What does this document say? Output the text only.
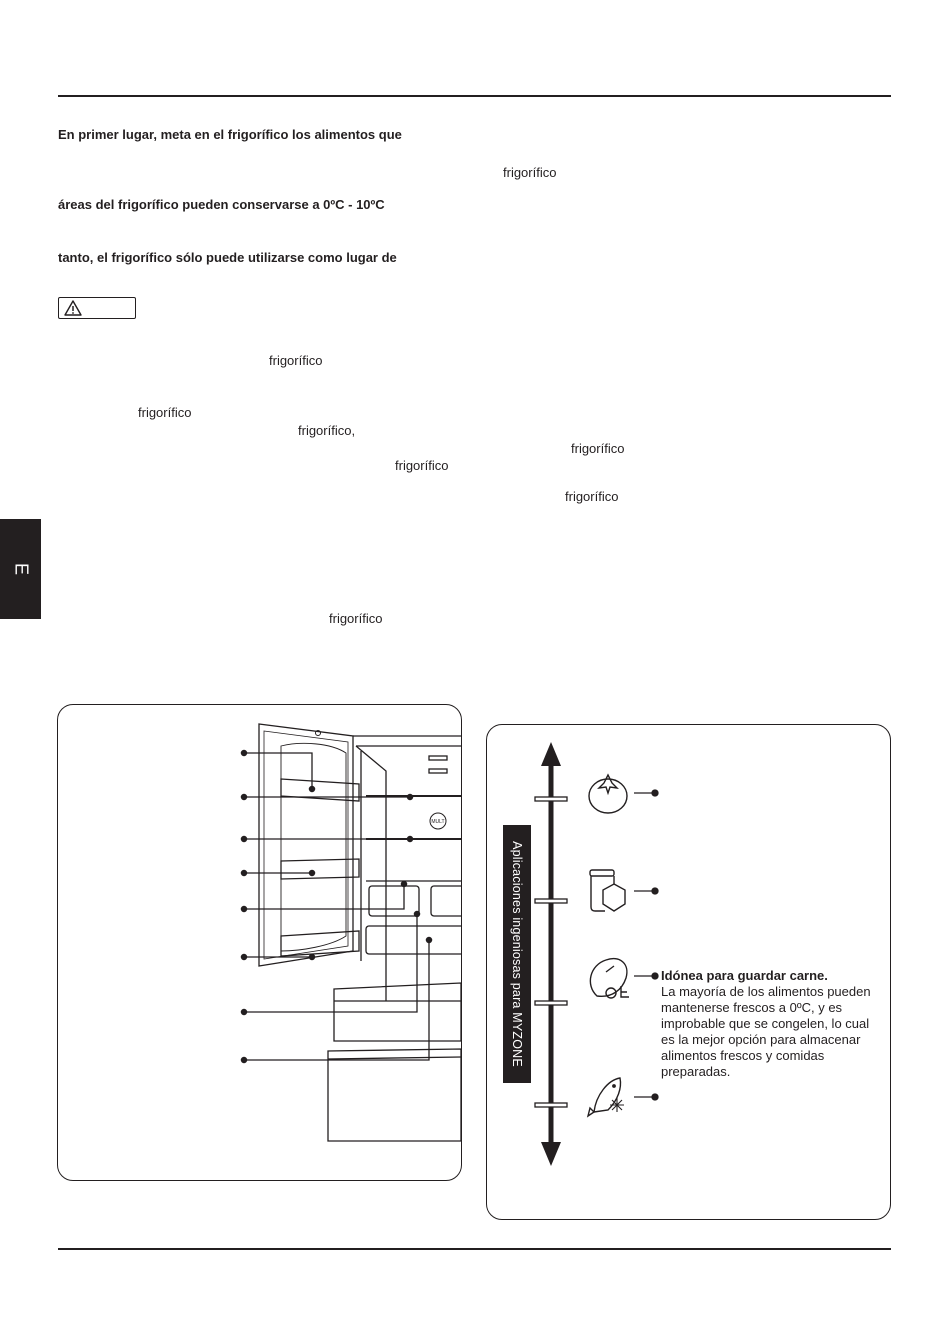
En primer lugar, meta en el frigorífico los alimentos que
frigorífico
áreas del frigorífico pueden conservarse a 0ºC - 10ºC
tanto, el frigorífico sólo puede utilizarse como lugar de
frigorífico
frigorífico
frigorífico,
frigorífico
frigorífico
frigorífico
frigorífico
E
MULT
Aplicaciones ingeniosas para MYZONE	Idónea para guardar carne.
La mayoría de los alimentos pueden mantenerse frescos a 0ºC, y es improbable que se congelen, lo cual es la mejor opción para almacenar alimentos frescos y comidas preparadas.
